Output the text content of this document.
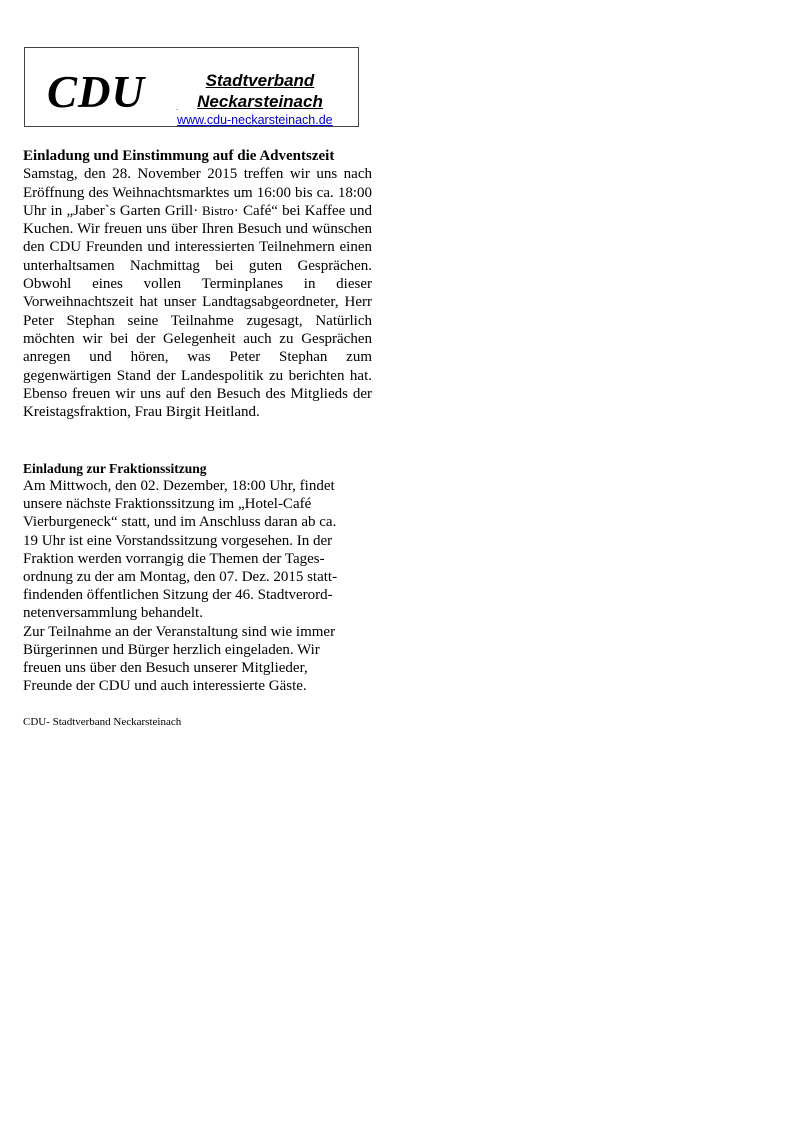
CDU	Stadtverband
Neckarsteinach
.
www.cdu-neckarsteinach.de
Einladung und Einstimmung auf die Adventszeit

Samstag, den 28. November 2015 treffen wir uns nach Eröffnung des Weihnachtsmarktes um 16:00 bis ca. 18:00 Uhr in „Jaber`s Garten Grill· Bistro· Café“ bei Kaffee und Kuchen. Wir freuen uns über Ihren Besuch und wünschen den CDU Freunden und interessierten Teilnehmern einen unterhaltsamen Nachmittag bei guten Gesprächen. Obwohl eines vollen Terminplanes in dieser Vorweihnachtszeit hat unser Landtagsabgeordneter, Herr Peter Stephan seine Teilnahme zugesagt, Natürlich möchten wir bei der Gelegenheit auch zu Gesprächen anregen und hören, was Peter Stephan zum gegenwärtigen Stand der Landespolitik zu berichten hat. Ebenso freuen wir uns auf den Besuch des Mitglieds der Kreistagsfraktion, Frau Birgit Heitland.

Einladung zur Fraktionssitzung
Am Mittwoch, den 02. Dezember, 18:00 Uhr, findet
unsere nächste Fraktionssitzung im „Hotel-Café
Vierburgeneck“ statt, und im Anschluss daran ab ca.
19 Uhr ist eine Vorstandssitzung vorgesehen. In der
Fraktion werden vorrangig die Themen der Tages-
ordnung zu der am Montag, den 07. Dez. 2015 statt-
findenden öffentlichen Sitzung der 46. Stadtverord-
netenversammlung behandelt.
Zur Teilnahme an der Veranstaltung sind wie immer
Bürgerinnen und Bürger herzlich eingeladen. Wir
freuen uns über den Besuch unserer Mitglieder,
Freunde der CDU und auch interessierte Gäste.
CDU- Stadtverband Neckarsteinach
